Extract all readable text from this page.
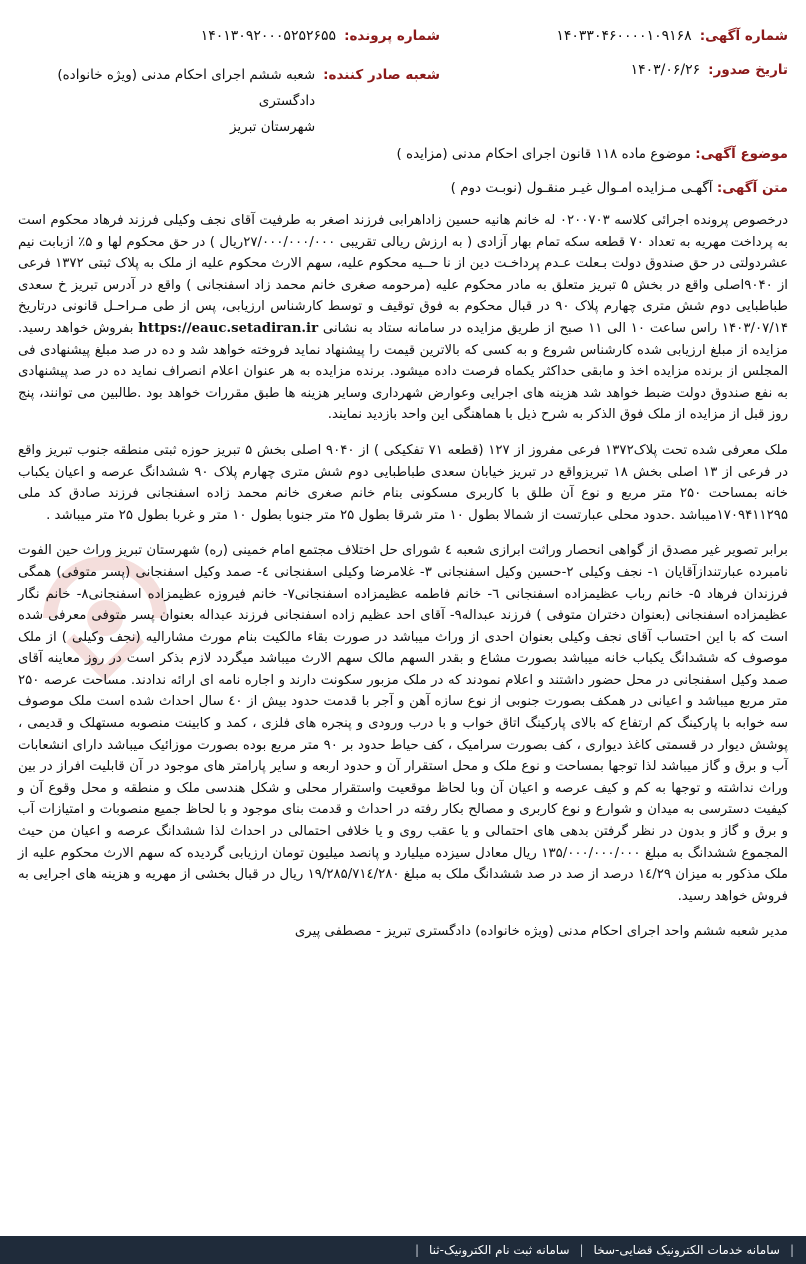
شماره آگهی:
۱۴۰۳۳۰۴۶۰۰۰۰۱۰۹۱۶۸
شماره پرونده:
۱۴۰۱۳۰۹۲۰۰۰۵۲۵۲۶۵۵
تاریخ صدور:
۱۴۰۳/۰۶/۲۶
شعبه صادر کننده:
شعبه ششم اجرای احکام مدنی (ویژه خانواده) دادگستری
شهرستان تبریز
موضوع آگهی: موضوع ماده ۱۱۸ قانون اجرای احکام مدنی (مزایده )
متن آگهی: آگهـی مـزایده امـوال غیـر منقـول (نوبـت دوم )

درخصوص پرونده اجرائی کلاسه ۰۲۰۰۷۰۳ له خانم هانیه حسین زاداهرابی فرزند اصغر به طرفیت آقای نجف وکیلی فرزند فرهاد محکوم است به پرداخت مهریه به تعداد ۷۰ قطعه سکه تمام بهار آزادی ( به ارزش ریالی تقریبی ۲۷/۰۰۰/۰۰۰/۰۰۰ریال ) در حق محکوم لها و ۵٪ ازبابت نیم عشردولتی در حق صندوق دولت بـعلت عـدم پرداخـت دین از نا حــیه محکوم علیه، سهم الارث محکوم علیه از ملک به پلاک ثبتی ۱۳۷۲ فرعی از ۹۰۴۰اصلی واقع در بخش ۵ تبریز متعلق به مادر محکوم علیه (مرحومه صغری خانم محمد زاد اسفنجانی ) واقع در آدرس تبریز خ سعدی طباطبایی دوم شش متری چهارم پلاک ۹۰ در قبال محکوم به فوق توقیف و توسط کارشناس ارزیابی، پس از طی مـراحـل قانونی درتاریخ ۱۴۰۳/۰۷/۱۴ راس ساعت ۱۰ الی ۱۱ صبح از طریق مزایده در سامانه ستاد به نشانی https://eauc.setadiran.ir بفروش خواهد رسید. مزایده از مبلغ ارزیابی شده کارشناس شروع و به کسی که بالاترین قیمت را پیشنهاد نماید فروخته خواهد شد و ده در صد مبلغ پیشنهادی فی المجلس از برنده مزایده اخذ و مابقی حداکثر یکماه فرصت داده میشود. برنده مزایده به هر عنوان اعلام انصراف نماید ده در صد پیشنهادی به نفع صندوق دولت ضبط خواهد شد هزینه های اجرایی وعوارض شهرداری وسایر هزینه ها طبق مقررات خواهد بود .طالبین می توانند، پنج روز قبل از مزایده از ملک فوق الذکر به شرح ذیل با هماهنگی این واحد بازدید نمایند.

ملک معرفی شده تحت پلاک۱۳۷۲ فرعی مفروز از ۱۲۷ (قطعه ۷۱ تفکیکی ) از ۹۰۴۰ اصلی بخش ۵ تبریز حوزه ثبتی منطقه جنوب تبریز واقع در فرعی از ۱۳ اصلی بخش ۱۸ تبریزواقع در تبریز خیابان سعدی طباطبایی دوم شش متری چهارم پلاک ۹۰ ششدانگ عرصه و اعیان یکباب خانه بمساحت ۲۵۰ متر مربع و نوع آن طلق با کاربری مسکونی بنام خانم صغری خانم محمد زاده اسفنجانی فرزند صادق کد ملی ۱۷۰۹۴۱۱۲۹۵میباشد .حدود محلی عبارتست از شمالا بطول ۱۰ متر شرقا بطول ۲۵ متر جنوبا بطول ۱۰ متر و غربا بطول ۲۵ متر میباشد .

برابر تصویر غیر مصدق از گواهی انحصار وراثت ابرازی شعبه ٤ شورای حل اختلاف مجتمع امام خمینی (ره) شهرستان تبریز وراث حین الفوت نامبرده عبارتنداز‌آقایان ۱- نجف وکیلی ۲-حسین وکیل اسفنجانی ۳- غلامرضا وکیلی اسفنجانی ٤- صمد وکیل اسفنجانی (پسر متوفی) همگی فرزندان فرهاد ۵- خانم رباب عظیمزاده اسفنجانی ٦- خانم فاطمه عظیمزاده اسفنجانی۷- خانم فیروزه عظیمزاده اسفنجانی۸- خانم نگار عظیمزاده اسفنجانی (بعنوان دختران متوفی ) فرزند عبداله۹- آقای احد عظیم زاده اسفنجانی فرزند عبداله بعنوان پسر متوفی معرفی شده است که با این احتساب آقای نجف وکیلی بعنوان احدی از وراث میباشد در صورت بقاء مالکیت بنام مورث مشارالیه (نجف وکیلی ) از ملک موصوف که ششدانگ یکباب خانه میباشد بصورت مشاع و بقدر السهم مالک سهم الارث میباشد میگردد لازم بذکر است در روز معاینه آقای صمد وکیل اسفنجانی در محل حضور داشتند و اعلام نمودند که در ملک مزبور سکونت دارند و اجاره نامه ای ارائه ندادند. مساحت عرصه ۲۵۰ متر مربع میباشد و اعیانی در همکف بصورت جنوبی از نوع سازه آهن و آجر با قدمت حدود بیش از ٤۰ سال احداث شده است ملک موصوف سه خوابه با پارکینگ کم ارتفاع که بالای پارکینگ اتاق خواب و با درب ورودی و پنجره های فلزی ، کمد و کابینت منصوبه مستهلک و قدیمی ، پوشش دیوار در قسمتی کاغذ دیواری ، کف بصورت سرامیک ، کف حیاط حدود بر ۹۰ متر مربع بوده بصورت موزائیک میباشد دارای انشعابات آب و برق و گاز میباشد لذا توجها بمساحت و نوع ملک و محل استقرار آن و حدود اربعه و سایر پارامتر های موجود در آن قابلیت افراز در بین وراث نداشته و توجها به کم و کیف عرصه و اعیان آن وبا لحاظ موقعیت واستقرار محلی و شکل هندسی ملک و منطقه و محل وقوع آن و کیفیت دسترسی به میدان و شوارع و نوع کاربری و مصالح بکار رفته در احداث و قدمت بنای موجود و با لحاظ جمیع منصوبات و امتیازات آب و برق و گاز و بدون در نظر گرفتن بدهی های احتمالی و یا عقب روی و یا خلافی احتمالی در احداث لذا ششدانگ عرصه و اعیان من حیث المجموع ششدانگ به مبلغ ۱۳۵/۰۰۰/۰۰۰/۰۰۰ ریال معادل سیزده میلیارد و پانصد میلیون تومان ارزیابی گردیده که سهم الارث محکوم علیه از ملک مذکور به میزان ۱٤/۲۹ درصد از صد در صد ششدانگ ملک به مبلغ ۱۹/۲۸۵/۷۱٤/۲۸۰ ریال در قبال بخشی از مهریه و هزینه های اجرایی به فروش خواهد رسید.

مدیر شعبه ششم واحد اجرای احکام مدنی (ویژه خانواده) دادگستری تبریز - مصطفی پیری

|
سامانه خدمات الکترونیک قضایی-سخا
|
سامانه ثبت نام الکترونیک-ثنا
|
